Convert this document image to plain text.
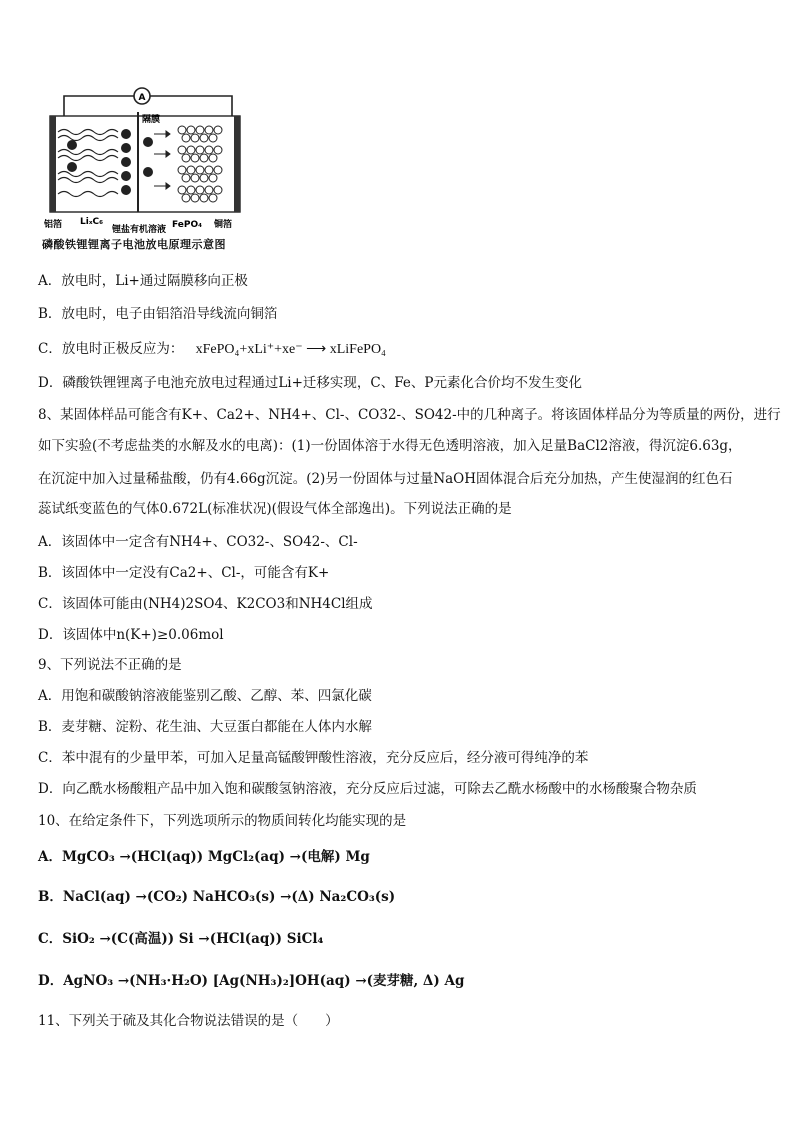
A
隔膜
铝箔 LiₓC₆
锂盐有机溶液 FePO₄ 铜箔
磷酸铁锂锂离子电池放电原理示意图
A．放电时，Li+通过隔膜移向正极
B．放电时，电子由铝箔沿导线流向铜箔
C．放电时正极反应为： xFePO₄+xLi⁺+xe⁻ ⟶ xLiFePO₄
D．磷酸铁锂锂离子电池充放电过程通过Li+迁移实现，C、Fe、P元素化合价均不发生变化
8、某固体样品可能含有K+、Ca2+、NH4+、Cl-、CO32-、SO42-中的几种离子。将该固体样品分为等质量的两份，进行
如下实验(不考虑盐类的水解及水的电离)：(1)一份固体溶于水得无色透明溶液，加入足量BaCl2溶液，得沉淀6.63g，
在沉淀中加入过量稀盐酸，仍有4.66g沉淀。(2)另一份固体与过量NaOH固体混合后充分加热，产生使湿润的红色石
蕊试纸变蓝色的气体0.672L(标准状况)(假设气体全部逸出)。下列说法正确的是
A．该固体中一定含有NH4+、CO32-、SO42-、Cl-
B．该固体中一定没有Ca2+、Cl-，可能含有K+
C．该固体可能由(NH4)2SO4、K2CO3和NH4Cl组成
D．该固体中n(K+)≥0.06mol
9、下列说法不正确的是
A．用饱和碳酸钠溶液能鉴别乙酸、乙醇、苯、四氯化碳
B．麦芽糖、淀粉、花生油、大豆蛋白都能在人体内水解
C．苯中混有的少量甲苯，可加入足量高锰酸钾酸性溶液，充分反应后，经分液可得纯净的苯
D．向乙酰水杨酸粗产品中加入饱和碳酸氢钠溶液，充分反应后过滤，可除去乙酰水杨酸中的水杨酸聚合物杂质
10、在给定条件下，下列选项所示的物质间转化均能实现的是
A．MgCO₃ →(HCl(aq)) MgCl₂(aq) →(电解) Mg
B．NaCl(aq) →(CO₂) NaHCO₃(s) →(Δ) Na₂CO₃(s)
C．SiO₂ →(C(高温)) Si →(HCl(aq)) SiCl₄
D．AgNO₃ →(NH₃·H₂O) [Ag(NH₃)₂]OH(aq) →(麦芽糖, Δ) Ag
11、下列关于硫及其化合物说法错误的是（　　）
